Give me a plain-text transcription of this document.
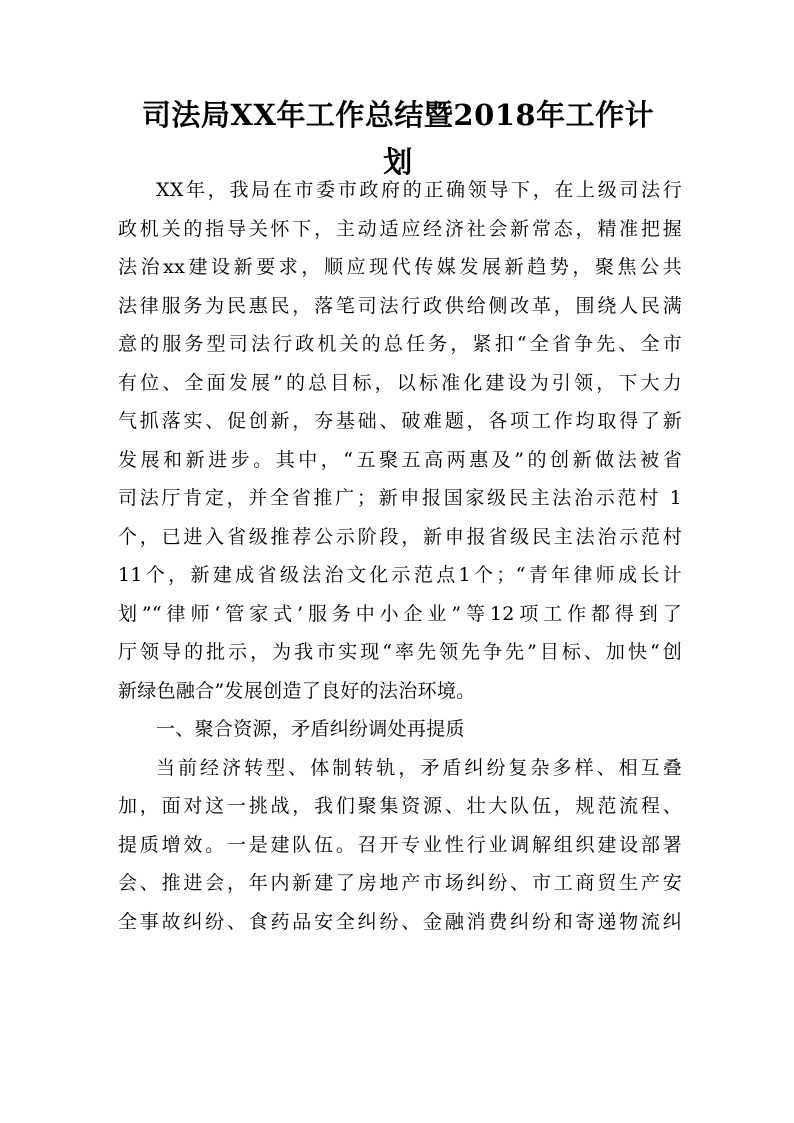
司法局XX年工作总结暨2018年工作计
划
XX年，我局在市委市政府的正确领导下，在上级司法行
政机关的指导关怀下，主动适应经济社会新常态，精准把握
法治xx建设新要求，顺应现代传媒发展新趋势，聚焦公共
法律服务为民惠民，落笔司法行政供给侧改革，围绕人民满
意的服务型司法行政机关的总任务，紧扣“全省争先、全市
有位、全面发展”的总目标，以标准化建设为引领，下大力
气抓落实、促创新，夯基础、破难题，各项工作均取得了新
发展和新进步。其中，“五聚五高两惠及”的创新做法被省
司法厅肯定，并全省推广；新申报国家级民主法治示范村 1
个，已进入省级推荐公示阶段，新申报省级民主法治示范村
11个，新建成省级法治文化示范点1个；“青年律师成长计
划”“律师‘管家式’服务中小企业”等12项工作都得到了
厅领导的批示，为我市实现“率先领先争先”目标、加快“创
新绿色融合”发展创造了良好的法治环境。
一、聚合资源，矛盾纠纷调处再提质
当前经济转型、体制转轨，矛盾纠纷复杂多样、相互叠
加，面对这一挑战，我们聚集资源、壮大队伍，规范流程、
提质增效。一是建队伍。召开专业性行业调解组织建设部署
会、推进会，年内新建了房地产市场纠纷、市工商贸生产安
全事故纠纷、食药品安全纠纷、金融消费纠纷和寄递物流纠
